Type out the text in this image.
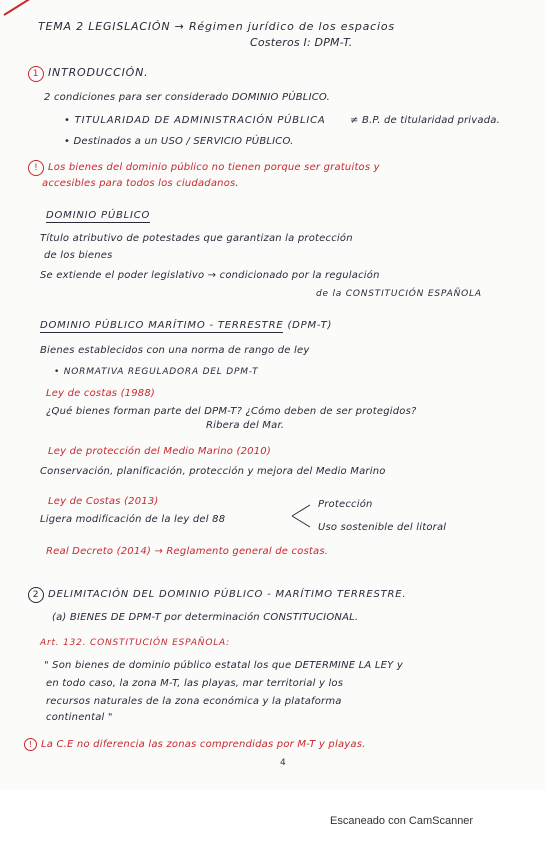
TEMA 2 LEGISLACIÓN → Régimen jurídico de los espacios
Costeros I: DPM-T.
1 INTRODUCCIÓN.
2 condiciones para ser considerado DOMINIO PÚBLICO.
• TITULARIDAD DE ADMINISTRACIÓN PÚBLICA ≠ B.P. de titularidad privada.
• Destinados a un USO / SERVICIO PÚBLICO.
! Los bienes del dominio público no tienen porque ser gratuitos y
accesibles para todos los ciudadanos.
DOMINIO PÚBLICO
Título atributivo de potestades que garantizan la protección
de los bienes
Se extiende el poder legislativo → condicionado por la regulación
de la CONSTITUCIÓN ESPAÑOLA
DOMINIO PÚBLICO MARÍTIMO - TERRESTRE (DPM-T)
Bienes establecidos con una norma de rango de ley
• NORMATIVA REGULADORA DEL DPM-T
Ley de costas (1988)
¿Qué bienes forman parte del DPM-T? ¿Cómo deben de ser protegidos?
Ribera del Mar.
Ley de protección del Medio Marino (2010)
Conservación, planificación, protección y mejora del Medio Marino
Ley de Costas (2013)
Ligera modificación de la ley del 88
Protección
Uso sostenible del litoral
Real Decreto (2014) → Reglamento general de costas.
2 DELIMITACIÓN DEL DOMINIO PÚBLICO - MARÍTIMO TERRESTRE.
(a) BIENES DE DPM-T por determinación CONSTITUCIONAL.
Art. 132. CONSTITUCIÓN ESPAÑOLA:
" Son bienes de dominio público estatal los que DETERMINE LA LEY y
en todo caso, la zona M-T, las playas, mar territorial y los
recursos naturales de la zona económica y la plataforma
continental "
! La C.E no diferencia las zonas comprendidas por M-T y playas.
4
Escaneado con CamScanner
